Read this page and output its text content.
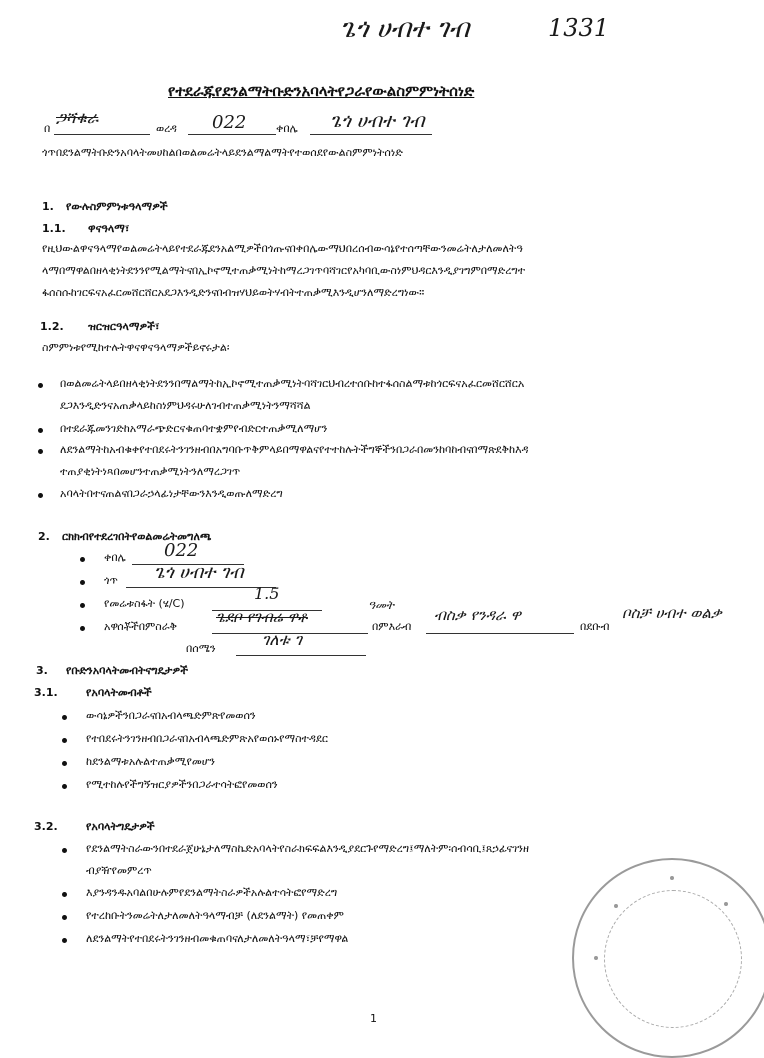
ጌጎ ሀብተ ገብ	1331
የተደራጁየደንልማትቡድንአባላትየጋራየውልስምምነትሰነድ
በ
ጋሻቁራ
ወረዳ 022	ቀበሌ ጌጎ ሀብተ ገብ
ጎጥበደንልማትቡድንአባላትመሀከልበወልመሬትላይደንልማልማትየተወሰደየውልስምምነትሰነድ
1. የውሉስምምነቱዓላማዎች
1.1. ዋናዓላማ፣
የዚህውልዋናዓላማየወልመሬትላይየተደራጁደንአልሚዎችበጎጡናበቀበሌውማህበረሰብውሳኔየተሰጣቸውንመሬትለታለመለትዓ
ላማበማዋልበዘላቂነትደንንየሚልማትናበኢኮኖሚተጠቃሚነትከማረጋገጥባሻገርየአካባቢውስነምህዳርእንዲያገግምበማድረግተ
ፋሰስሱከገርፍናአፈርመሸርሸርአደጋእንዲድንናበብዝሃህይወትሃብትተጠቃሚእንዲሆንለማድረግነው።
1.2. ዝርዝርዓላማዎች፣
ስምምነቱየሚከተሉትዋናዋናዓላማዎችይኖሩታል፡
በወልመሬትላይበዘላቂነትደንንበማልማትከኢኮኖሚተጠቃሚነትባሻገርህብረተሰቡከተፋሰስልማቱከጎርፍናአፈርመሸርሸርአ
ደጋእንዲድንናአጠቃላይከስነምህዳሩሁለገብተጠቃሚነትንማሻሻል
በተደራጁመንገድከአማራጭድርናቁጠባተቋምየብድርተጠቃሚለማሆን
ለደንልማትከአብቁቀየተበደሩትንገንዘብበአግባቡጥቅምላይበማዋልናየተተከሉትችግኞችንበጋራበመንከባከብናበማጽደቅከእዳ
ተጠያቂነትነጻበመሆንተጠቃሚነትንለማረጋገጥ
አባላትበተናጠልናበጋራኃላፊነታቸውንእንዲወጡለማድረግ
2. ርክክብየተደረገበትየወልመሬትመግለጫ
ቀበሌ 022
ጎጥ ጌጎ ሀብተ ገብ
የመሬቱስፋት (ሄ/C)
1.5
አዋሰቾችበምስራቅ
ጌደቦ የገብሬ ዋቶ
ዓመት
በምእራብ
ብስቃ የንዳራ ዋ
በደቡብ
ቦስቻ ሀብተ ወልቃ
በሰሜን	ገለቱ ገ
3. የቡድንአባላትመብትናግዴታዎች
3.1.	የአባላትመብቶች
ውሳኔዎችንበጋራናበአብላጫድምጽየመወሰን
የተበደሩትንገንዘብበጋራናበአብላጫድምጽአየወሰኑየማስተዳደር
ከደንልማቱአሉልተጠቃሚየመሆን
የሚተከሉየችግኝዝርያዎችንበጋራተሳትፎየመወሰን
3.2.	የአባላትግዴታዎች
የደንልማትስራውንበተደራጀሁኔታለማስኬድአባላትየስራክፍፍልእንዲያደርጉየማድረግ፤ማለትም፡ሰብሳቢ፤ጸኃፊናገንዘ
ብያዥየመምረጥ
እያንዳንዱአባልበሁሉምየደንልማትስራዎችአሉልተሳትፎየማድረግ
የተረከቡትንመሬትለታለመለትዓላማብቻ (ለደንልማት) የመጠቀም
ለደንልማትየተበደሩትንገንዘብመቁጠባናለታለመለትዓላማ፣ቻየማዋል
1
